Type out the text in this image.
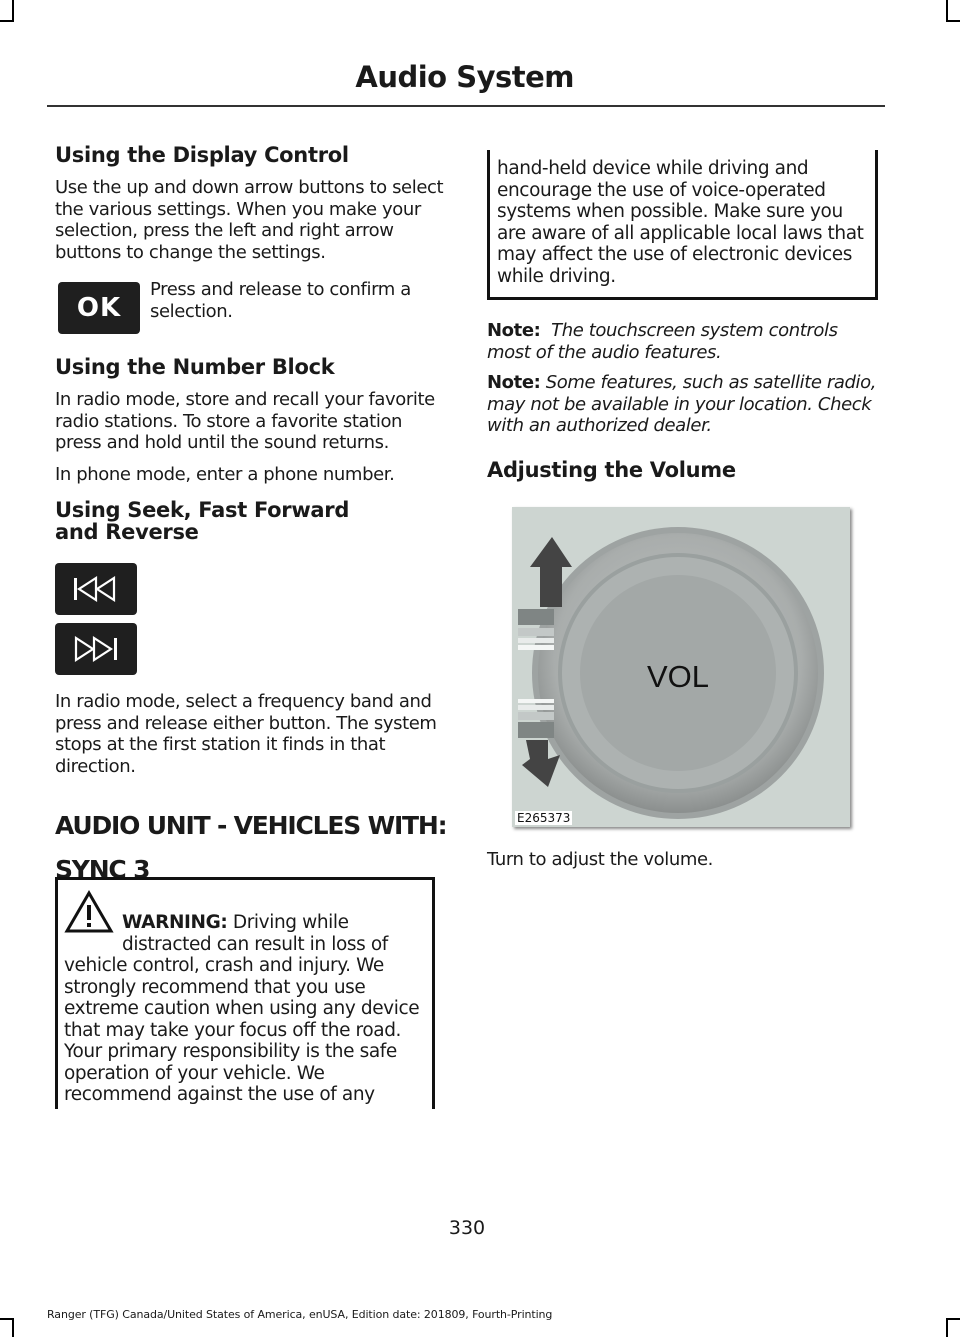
Audio System
Using the Display Control

Use the up and down arrow buttons to select the various settings. When you make your selection, press the left and right arrow buttons to change the settings.

OK
Press and release to confirm a selection.
Using the Number Block

In radio mode, store and recall your favorite radio stations. To store a favorite station press and hold until the sound returns.

In phone mode, enter a phone number.

Using Seek, Fast Forward and Reverse

In radio mode, select a frequency band and press and release either button. The system stops at the first station it finds in that direction.

AUDIO UNIT - VEHICLES WITH:
SYNC 3

WARNING: Driving while distracted can result in loss of vehicle control, crash and injury. We strongly recommend that you use extreme caution when using any device that may take your focus off the road. Your primary responsibility is the safe operation of your vehicle. We recommend against the use of any

hand-held device while driving and encourage the use of voice-operated systems when possible. Make sure you are aware of all applicable local laws that may affect the use of electronic devices while driving.

Note: The touchscreen system controls most of the audio features.
Note: Some features, such as satellite radio, may not be available in your location. Check with an authorized dealer.
Adjusting the Volume
VOL
E265373

Turn to adjust the volume.

330
Ranger (TFG) Canada/United States of America, enUSA, Edition date: 201809, Fourth-Printing
